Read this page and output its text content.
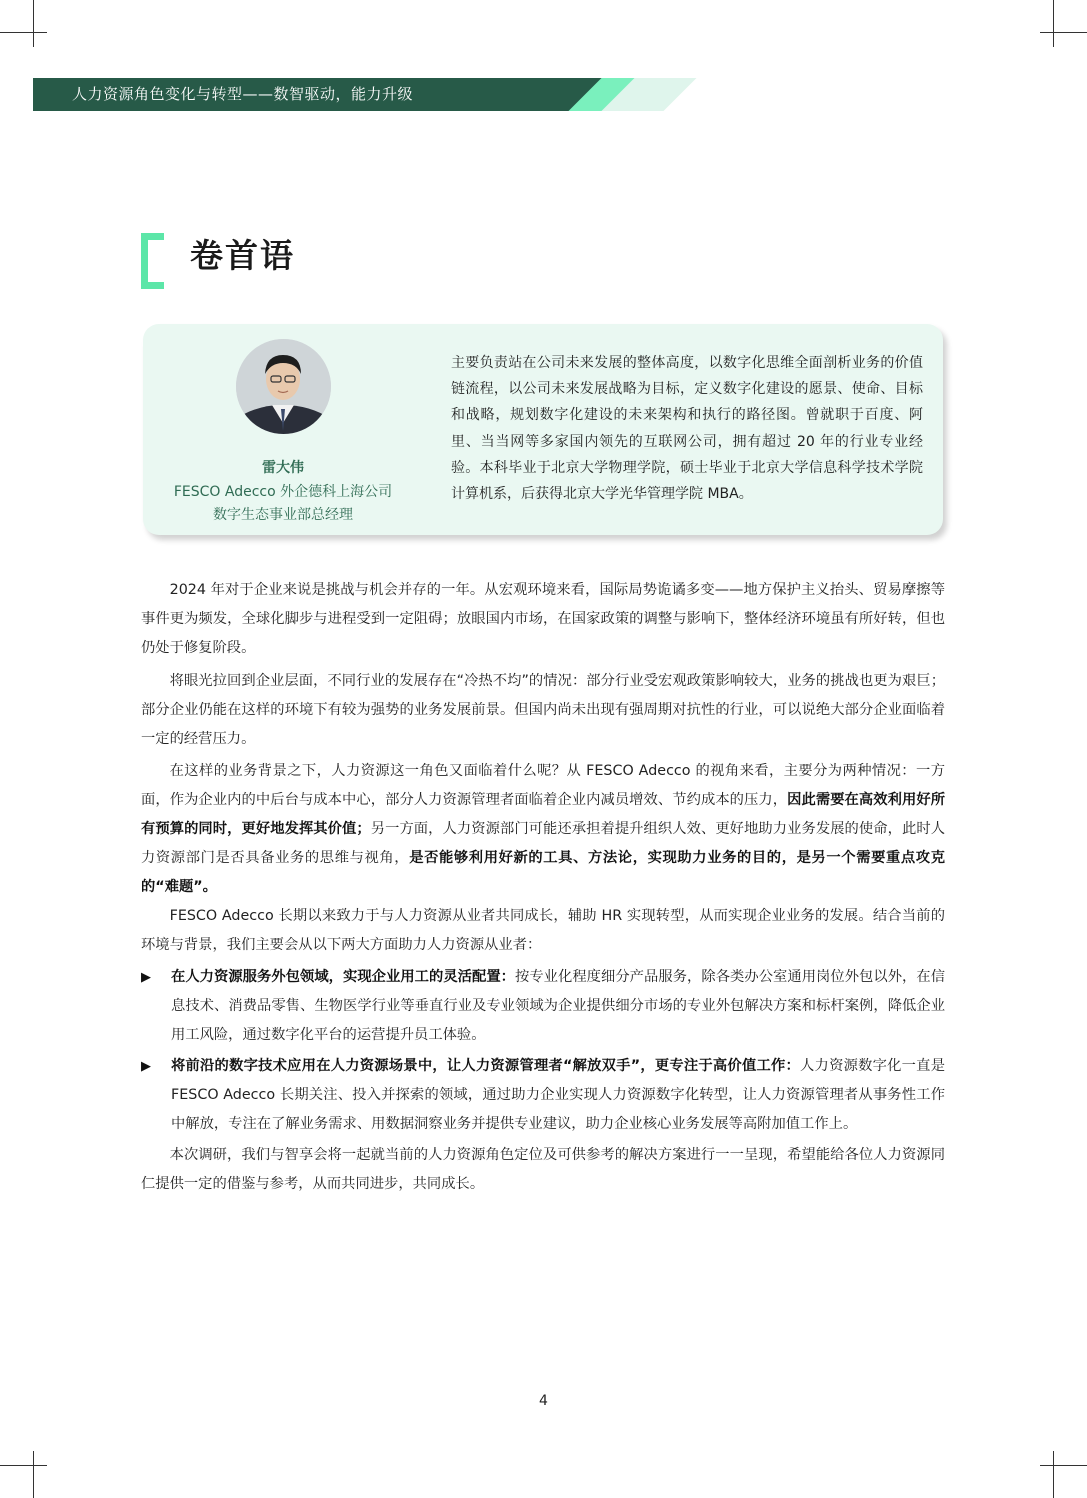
人力资源角色变化与转型——数智驱动，能力升级
卷首语
雷大伟
FESCO Adecco 外企德科上海公司
数字生态事业部总经理

主要负责站在公司未来发展的整体高度，以数字化思维全面剖析业务的价值链流程，以公司未来发展战略为目标，定义数字化建设的愿景、使命、目标和战略，规划数字化建设的未来架构和执行的路径图。曾就职于百度、阿里、当当网等多家国内领先的互联网公司，拥有超过 20 年的行业专业经验。本科毕业于北京大学物理学院，硕士毕业于北京大学信息科学技术学院计算机系，后获得北京大学光华管理学院 MBA。

2024 年对于企业来说是挑战与机会并存的一年。从宏观环境来看，国际局势诡谲多变——地方保护主义抬头、贸易摩擦等事件更为频发，全球化脚步与进程受到一定阻碍；放眼国内市场，在国家政策的调整与影响下，整体经济环境虽有所好转，但也仍处于修复阶段。

将眼光拉回到企业层面，不同行业的发展存在“冷热不均”的情况：部分行业受宏观政策影响较大，业务的挑战也更为艰巨；部分企业仍能在这样的环境下有较为强势的业务发展前景。但国内尚未出现有强周期对抗性的行业，可以说绝大部分企业面临着一定的经营压力。

在这样的业务背景之下，人力资源这一角色又面临着什么呢？从 FESCO Adecco 的视角来看，主要分为两种情况：一方面，作为企业内的中后台与成本中心，部分人力资源管理者面临着企业内减员增效、节约成本的压力，因此需要在高效利用好所有预算的同时，更好地发挥其价值；另一方面，人力资源部门可能还承担着提升组织人效、更好地助力业务发展的使命，此时人力资源部门是否具备业务的思维与视角，是否能够利用好新的工具、方法论，实现助力业务的目的，是另一个需要重点攻克的“难题”。

FESCO Adecco 长期以来致力于与人力资源从业者共同成长，辅助 HR 实现转型，从而实现企业业务的发展。结合当前的环境与背景，我们主要会从以下两大方面助力人力资源从业者：

▶ 在人力资源服务外包领域，实现企业用工的灵活配置：按专业化程度细分产品服务，除各类办公室通用岗位外包以外，在信息技术、消费品零售、生物医学行业等垂直行业及专业领域为企业提供细分市场的专业外包解决方案和标杆案例，降低企业用工风险，通过数字化平台的运营提升员工体验。

▶ 将前沿的数字技术应用在人力资源场景中，让人力资源管理者“解放双手”，更专注于高价值工作：人力资源数字化一直是 FESCO Adecco 长期关注、投入并探索的领域，通过助力企业实现人力资源数字化转型，让人力资源管理者从事务性工作中解放，专注在了解业务需求、用数据洞察业务并提供专业建议，助力企业核心业务发展等高附加值工作上。

本次调研，我们与智享会将一起就当前的人力资源角色定位及可供参考的解决方案进行一一呈现，希望能给各位人力资源同仁提供一定的借鉴与参考，从而共同进步，共同成长。

4
